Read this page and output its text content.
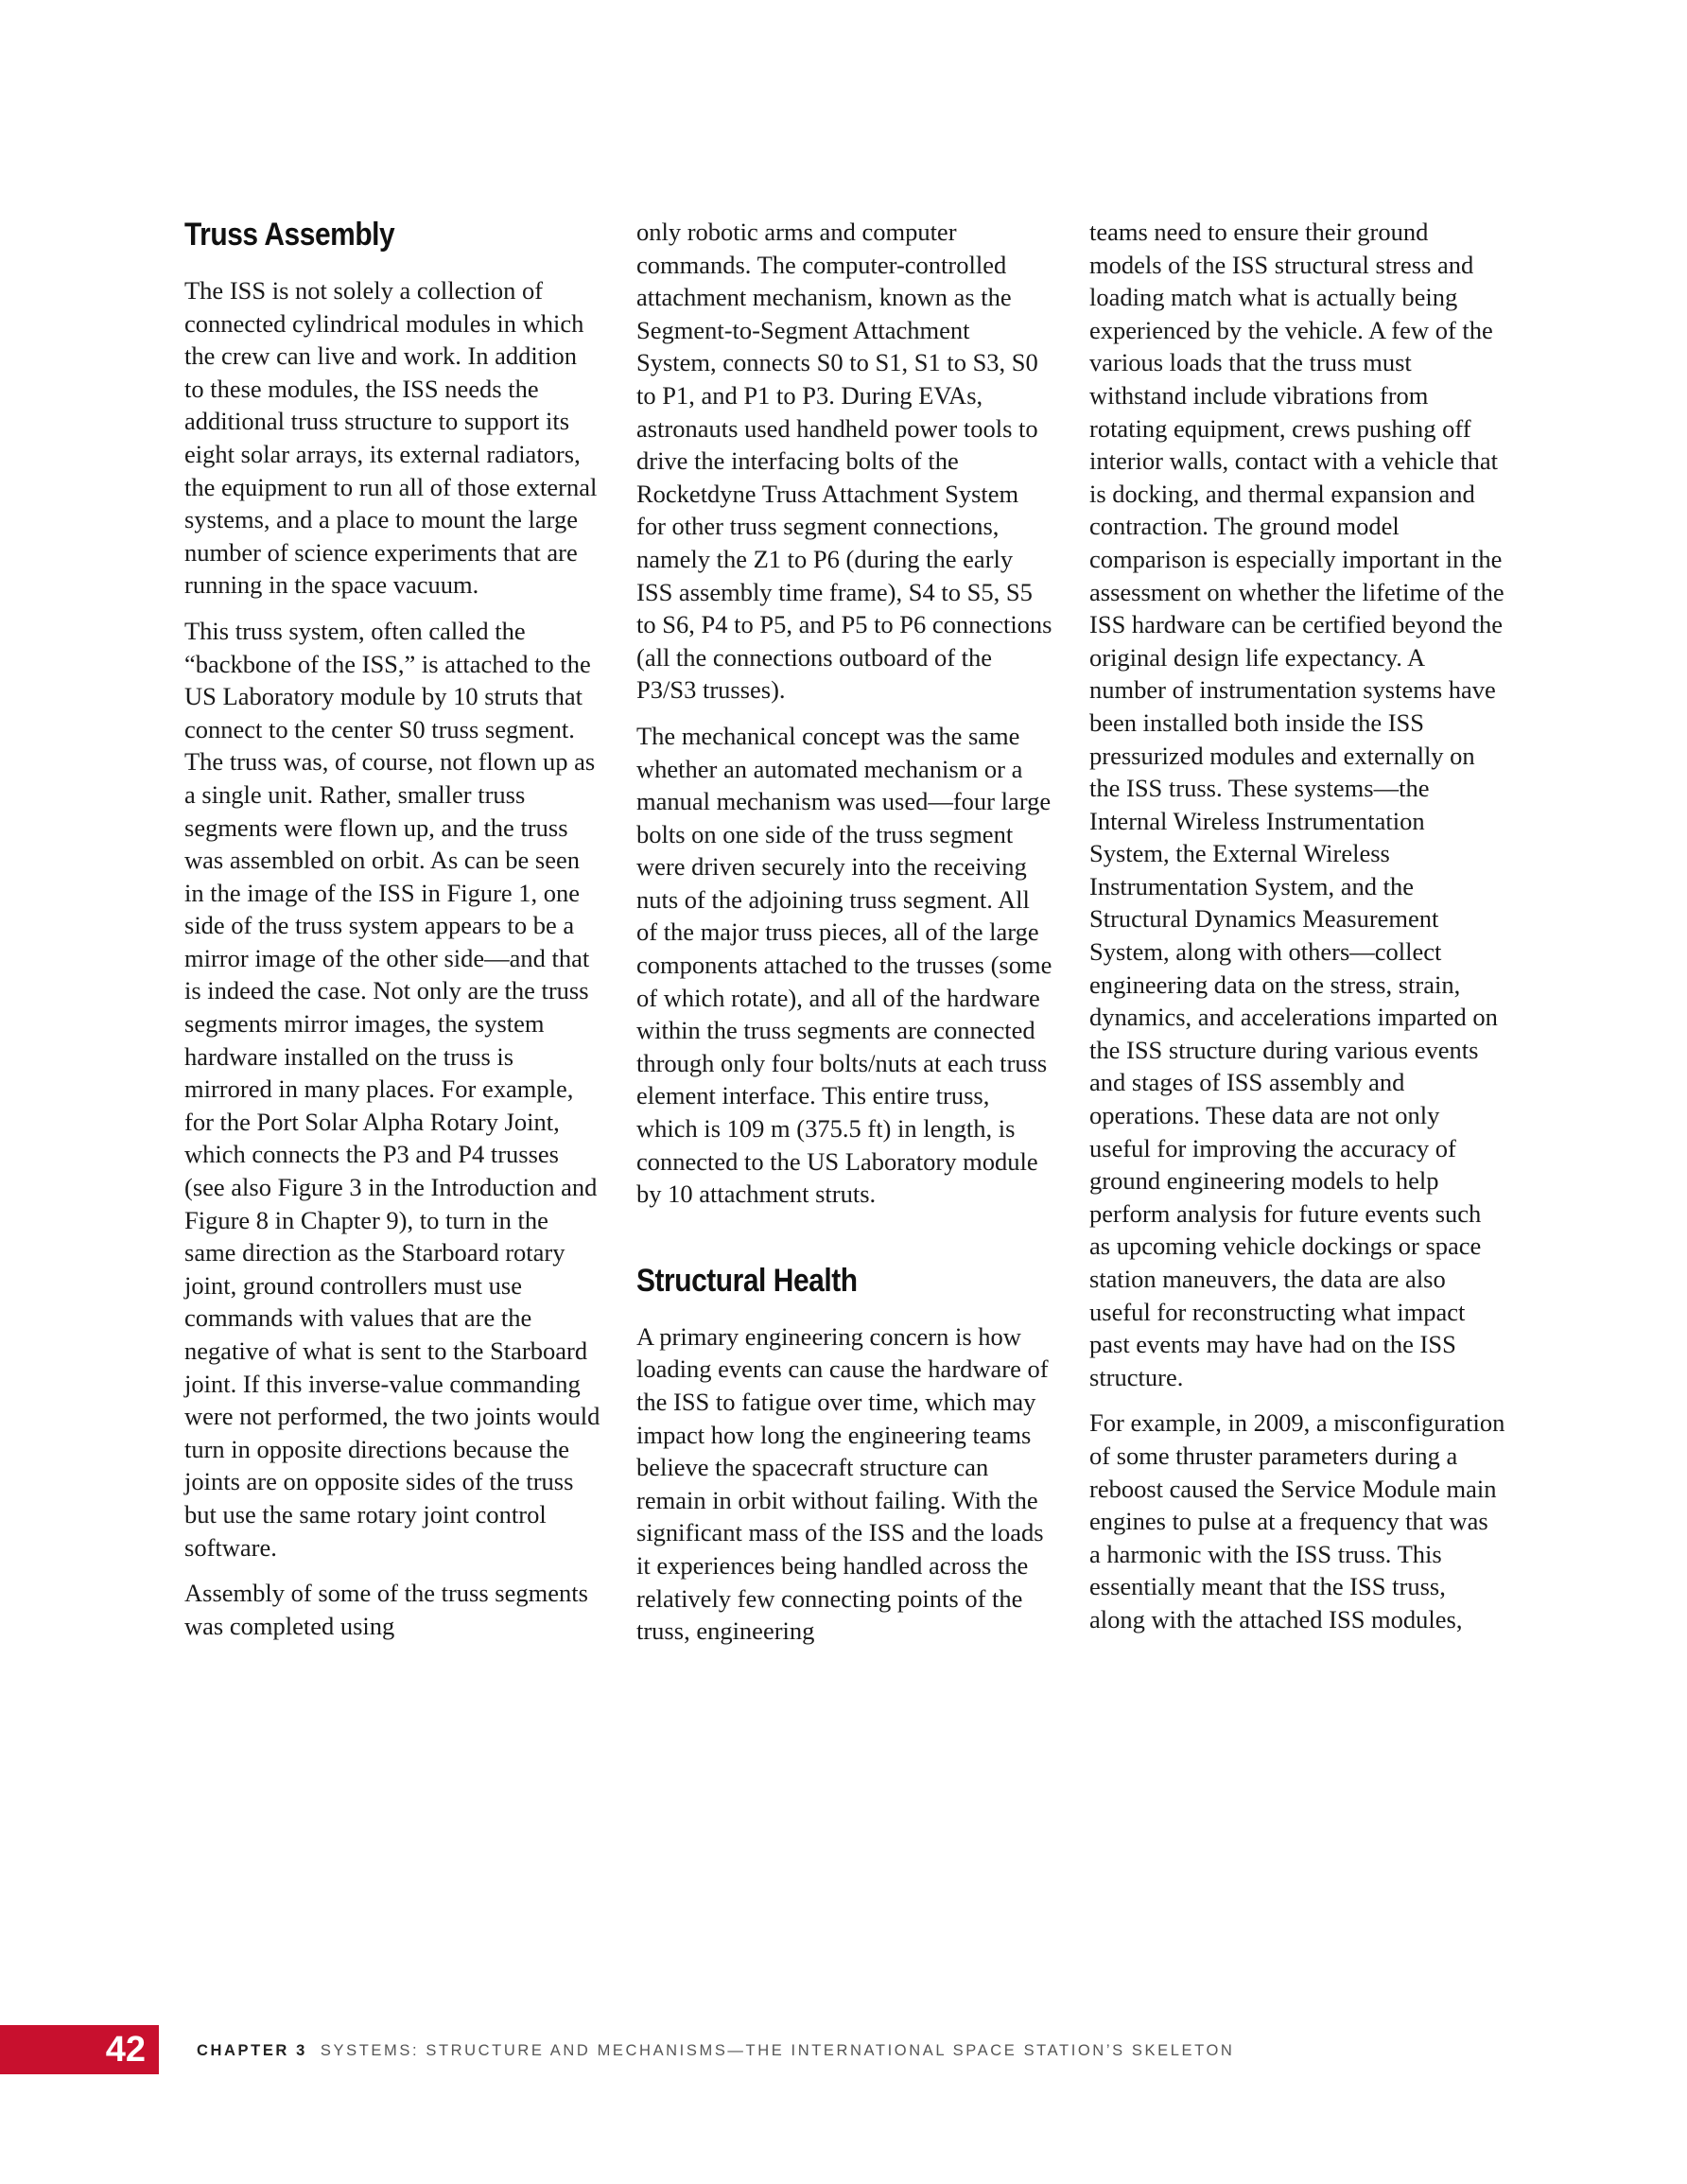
Truss Assembly

The ISS is not solely a collection of connected cylindrical modules in which the crew can live and work. In addition to these modules, the ISS needs the additional truss structure to support its eight solar arrays, its external radiators, the equipment to run all of those external systems, and a place to mount the large number of science experiments that are running in the space vacuum.

This truss system, often called the “backbone of the ISS,” is attached to the US Laboratory module by 10 struts that connect to the center S0 truss segment. The truss was, of course, not flown up as a single unit. Rather, smaller truss segments were flown up, and the truss was assembled on orbit. As can be seen in the image of the ISS in Figure 1, one side of the truss system appears to be a mirror image of the other side—and that is indeed the case. Not only are the truss segments mirror images, the system hardware installed on the truss is mirrored in many places. For example, for the Port Solar Alpha Rotary Joint, which connects the P3 and P4 trusses (see also Figure 3 in the Introduction and Figure 8 in Chapter 9), to turn in the same direction as the Starboard rotary joint, ground controllers must use commands with values that are the negative of what is sent to the Starboard joint. If this inverse-value commanding were not performed, the two joints would turn in opposite directions because the joints are on opposite sides of the truss but use the same rotary joint control software.

Assembly of some of the truss segments was completed using

only robotic arms and computer commands. The computer-controlled attachment mechanism, known as the Segment-to-Segment Attachment System, connects S0 to S1, S1 to S3, S0 to P1, and P1 to P3. During EVAs, astronauts used handheld power tools to drive the interfacing bolts of the Rocketdyne Truss Attachment System for other truss segment connections, namely the Z1 to P6 (during the early ISS assembly time frame), S4 to S5, S5 to S6, P4 to P5, and P5 to P6 connections (all the connections outboard of the P3/S3 trusses).

The mechanical concept was the same whether an automated mechanism or a manual mechanism was used—four large bolts on one side of the truss segment were driven securely into the receiving nuts of the adjoining truss segment. All of the major truss pieces, all of the large components attached to the trusses (some of which rotate), and all of the hardware within the truss segments are connected through only four bolts/nuts at each truss element interface. This entire truss, which is 109 m (375.5 ft) in length, is connected to the US Laboratory module by 10 attachment struts.

Structural Health

A primary engineering concern is how loading events can cause the hardware of the ISS to fatigue over time, which may impact how long the engineering teams believe the spacecraft structure can remain in orbit without failing. With the significant mass of the ISS and the loads it experiences being handled across the relatively few connecting points of the truss, engineering

teams need to ensure their ground models of the ISS structural stress and loading match what is actually being experienced by the vehicle. A few of the various loads that the truss must withstand include vibrations from rotating equipment, crews pushing off interior walls, contact with a vehicle that is docking, and thermal expansion and contraction. The ground model comparison is especially important in the assessment on whether the lifetime of the ISS hardware can be certified beyond the original design life expectancy. A number of instrumentation systems have been installed both inside the ISS pressurized modules and externally on the ISS truss. These systems—the Internal Wireless Instrumentation System, the External Wireless Instrumentation System, and the Structural Dynamics Measurement System, along with others—collect engineering data on the stress, strain, dynamics, and accelerations imparted on the ISS structure during various events and stages of ISS assembly and operations. These data are not only useful for improving the accuracy of ground engineering models to help perform analysis for future events such as upcoming vehicle dockings or space station maneuvers, the data are also useful for reconstructing what impact past events may have had on the ISS structure.

For example, in 2009, a misconfiguration of some thruster parameters during a reboost caused the Service Module main engines to pulse at a frequency that was a harmonic with the ISS truss. This essentially meant that the ISS truss, along with the attached ISS modules,

42	CHAPTER 3 SYSTEMS: STRUCTURE AND MECHANISMS—THE INTERNATIONAL SPACE STATION’S SKELETON
